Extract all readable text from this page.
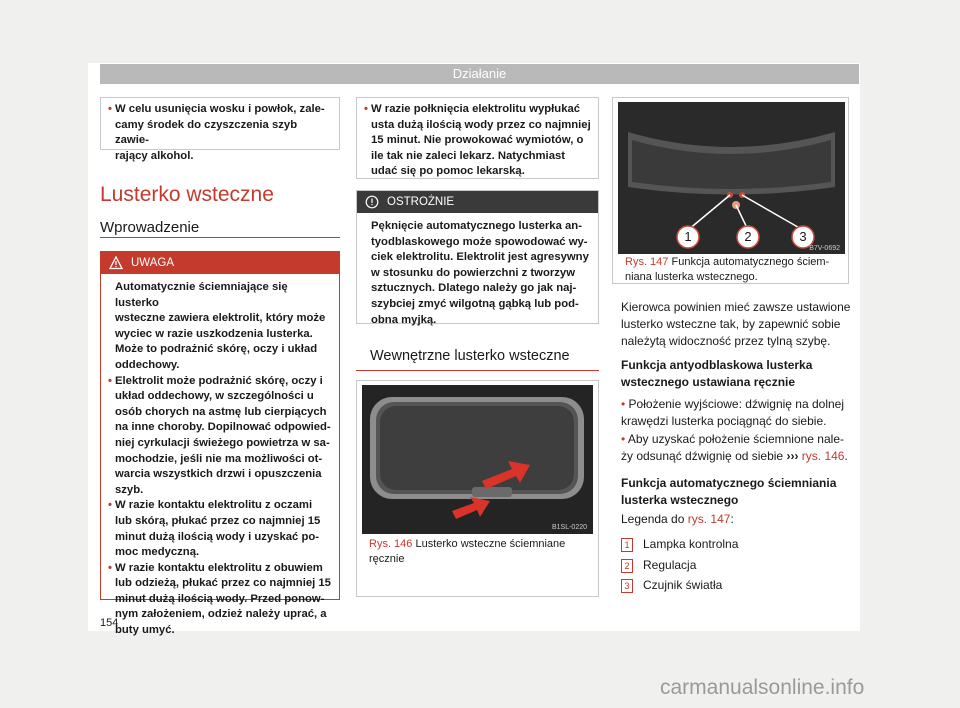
Działanie
• W celu usunięcia wosku i powłok, zale-
camy środek do czyszczenia szyb zawie-
rający alkohol.
Lusterko wsteczne
Wprowadzenie
UWAGA

Automatycznie ściemniające się lusterko
wsteczne zawiera elektrolit, który może
wyciec w razie uszkodzenia lusterka.
Może to podrażnić skórę, oczy i układ
oddechowy.

• Elektrolit może podrażnić skórę, oczy i
układ oddechowy, w szczególności u
osób chorych na astmę lub cierpiących
na inne choroby. Dopilnować odpowied-
niej cyrkulacji świeżego powietrza w sa-
mochodzie, jeśli nie ma możliwości ot-
warcia wszystkich drzwi i opuszczenia
szyb.

• W razie kontaktu elektrolitu z oczami
lub skórą, płukać przez co najmniej 15
minut dużą ilością wody i uzyskać po-
moc medyczną.

• W razie kontaktu elektrolitu z obuwiem
lub odzieżą, płukać przez co najmniej 15
minut dużą ilością wody. Przed ponow-
nym założeniem, odzież należy uprać, a
buty umyć.

• W razie połknięcia elektrolitu wypłukać
usta dużą ilością wody przez co najmniej
15 minut. Nie prowokować wymiotów, o
ile tak nie zaleci lekarz. Natychmiast
udać się po pomoc lekarską.
OSTROŻNIE

Pęknięcie automatycznego lusterka an-
tyodblaskowego może spowodować wy-
ciek elektrolitu. Elektrolit jest agresywny
w stosunku do powierzchni z tworzyw
sztucznych. Dlatego należy go jak naj-
szybciej zmyć wilgotną gąbką lub pod-
obna myjką.

Wewnętrzne lusterko wsteczne
B1SL-0220
Rys. 146 Lusterko wsteczne ściemniane
ręcznie
1	2	3
B7V-0692
Rys. 147 Funkcja automatycznego ściem-
niana lusterka wstecznego.
Kierowca powinien mieć zawsze ustawione
lusterko wsteczne tak, by zapewnić sobie
należytą widoczność przez tylną szybę.
Funkcja antyodblaskowa lusterka
wstecznego ustawiana ręcznie
• Położenie wyjściowe: dźwignię na dolnej
krawędzi lusterka pociągnąć do siebie.
• Aby uzyskać położenie ściemnione nale-
ży odsunąć dźwignię od siebie ››› rys. 146.
Funkcja automatycznego ściemniania
lusterka wstecznego
Legenda do rys. 147:
1 Lampka kontrolna
2 Regulacja
3 Czujnik światła
154
carmanualsonline.info
